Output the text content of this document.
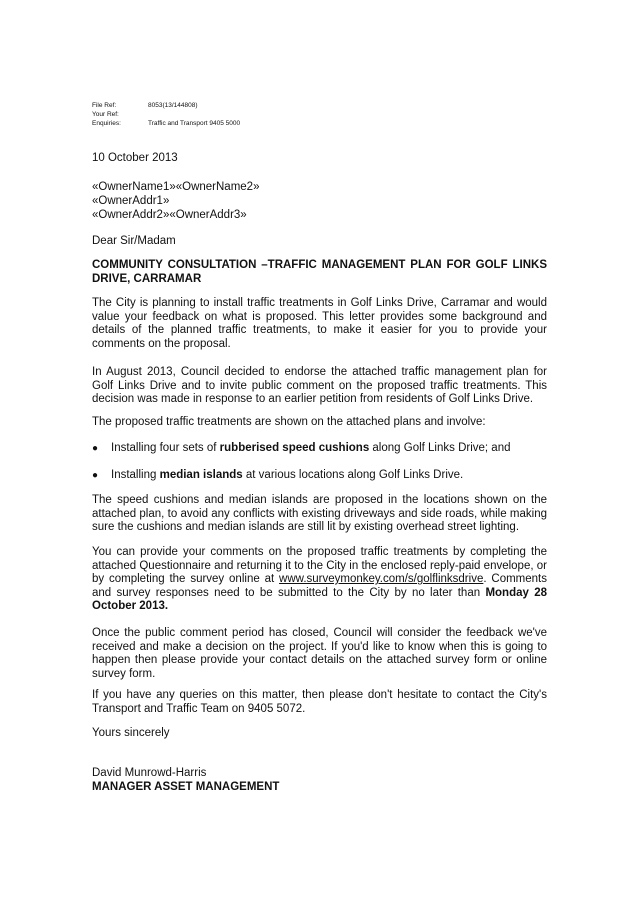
File Ref:	8053(13/144808)
Your Ref:
Enquiries:	Traffic and Transport 9405 5000
10 October 2013
«OwnerName1»«OwnerName2»
«OwnerAddr1»
«OwnerAddr2»«OwnerAddr3»
Dear Sir/Madam
COMMUNITY CONSULTATION –TRAFFIC MANAGEMENT PLAN FOR GOLF LINKS DRIVE, CARRAMAR

The City is planning to install traffic treatments in Golf Links Drive, Carramar and would value your feedback on what is proposed. This letter provides some background and details of the planned traffic treatments, to make it easier for you to provide your comments on the proposal.

In August 2013, Council decided to endorse the attached traffic management plan for Golf Links Drive and to invite public comment on the proposed traffic treatments. This decision was made in response to an earlier petition from residents of Golf Links Drive.

The proposed traffic treatments are shown on the attached plans and involve:

● Installing four sets of rubberised speed cushions along Golf Links Drive; and
● Installing median islands at various locations along Golf Links Drive.

The speed cushions and median islands are proposed in the locations shown on the attached plan, to avoid any conflicts with existing driveways and side roads, while making sure the cushions and median islands are still lit by existing overhead street lighting.

You can provide your comments on the proposed traffic treatments by completing the attached Questionnaire and returning it to the City in the enclosed reply-paid envelope, or by completing the survey online at www.surveymonkey.com/s/golflinksdrive. Comments and survey responses need to be submitted to the City by no later than Monday 28 October 2013.

Once the public comment period has closed, Council will consider the feedback we've received and make a decision on the project. If you'd like to know when this is going to happen then please provide your contact details on the attached survey form or online survey form.

If you have any queries on this matter, then please don't hesitate to contact the City's Transport and Traffic Team on 9405 5072.

Yours sincerely
David Munrowd-Harris
MANAGER ASSET MANAGEMENT
